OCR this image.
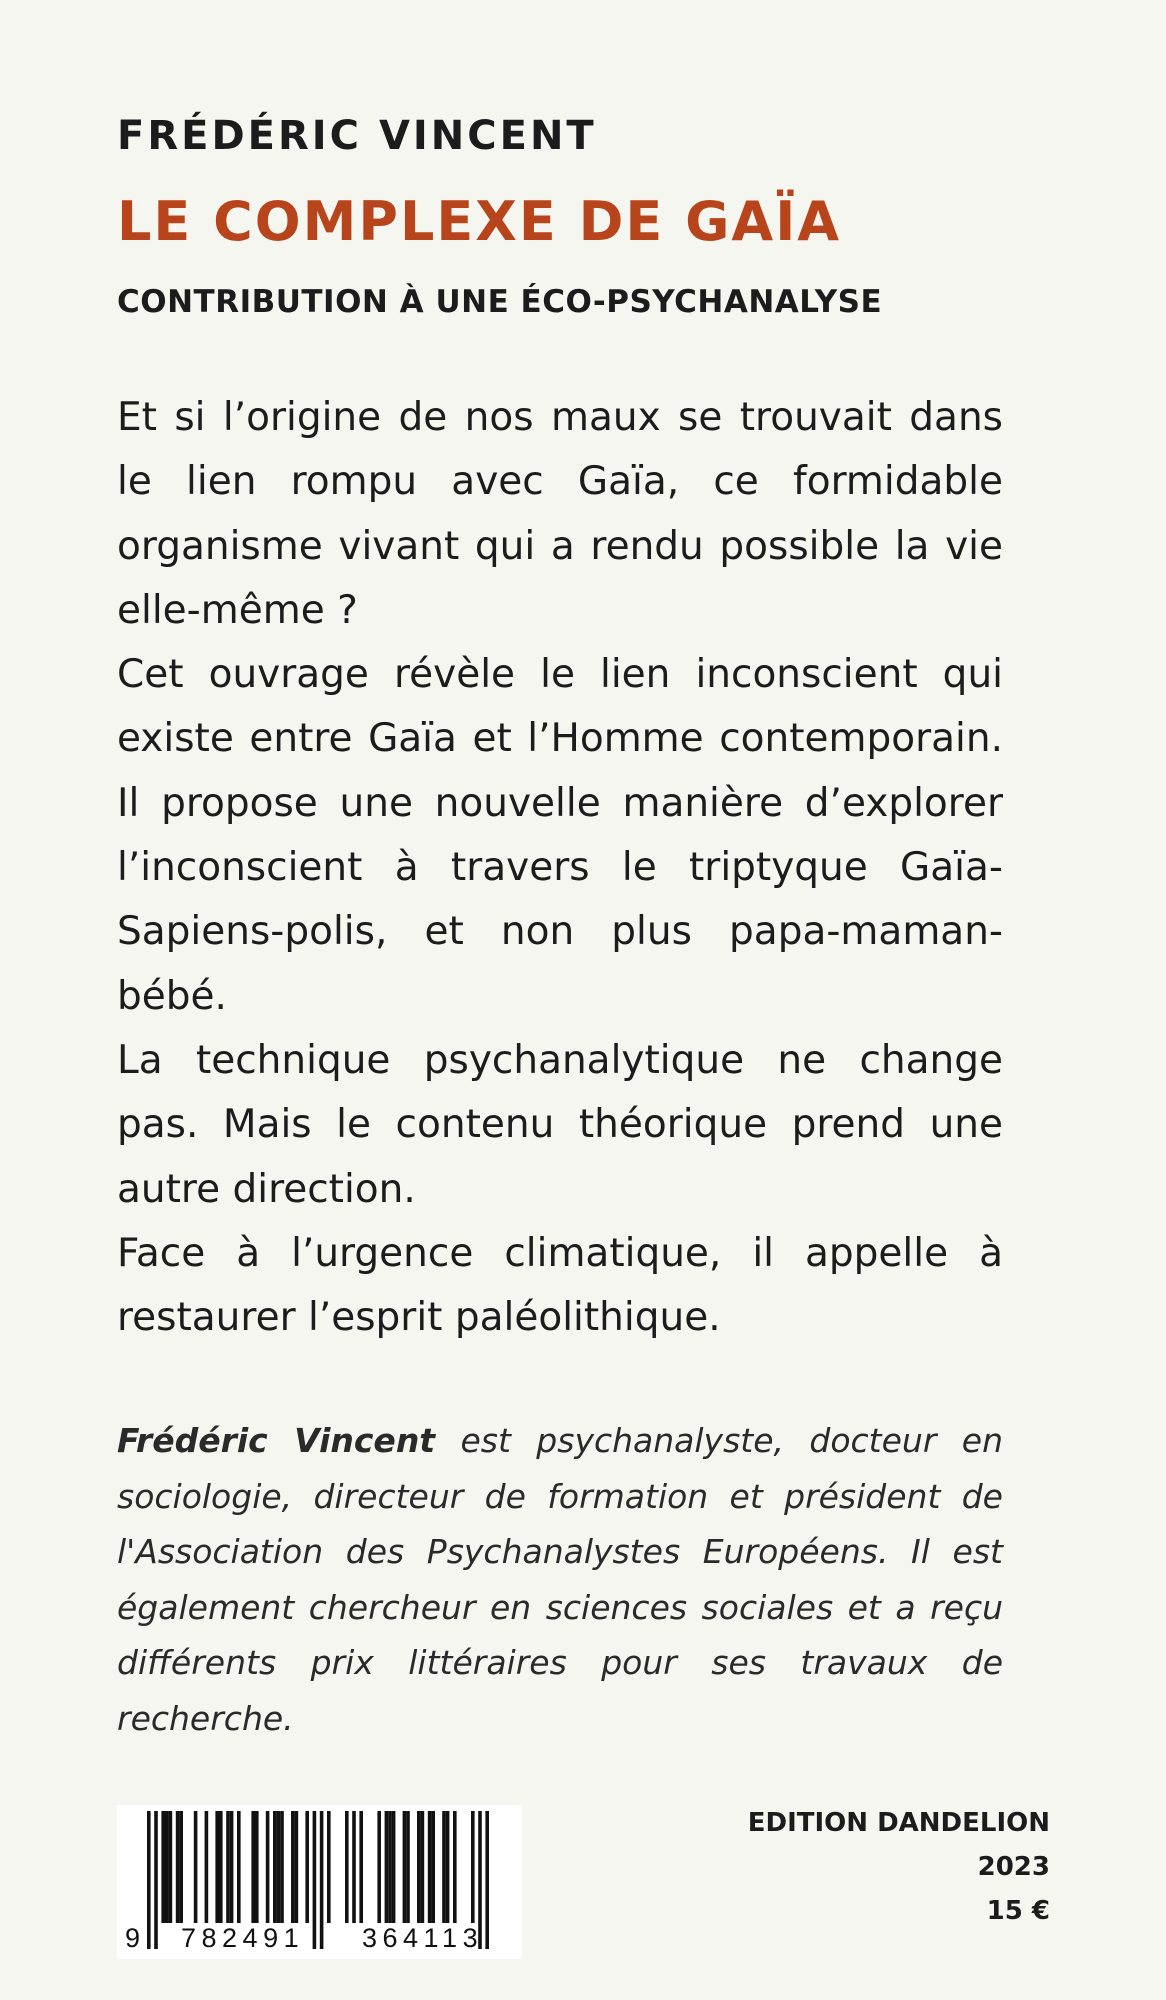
FRÉDÉRIC VINCENT
LE COMPLEXE DE GAÏA
CONTRIBUTION À UNE ÉCO-PSYCHANALYSE

Et si l’origine de nos maux se trouvait dans le lien rompu avec Gaïa, ce formidable organisme vivant qui a rendu possible la vie elle-même ?

Cet ouvrage révèle le lien inconscient qui existe entre Gaïa et l’Homme contemporain. Il propose une nouvelle manière d’explorer l’inconscient à travers le triptyque Gaïa-Sapiens-polis, et non plus papa-maman-bébé.

La technique psychanalytique ne change pas. Mais le contenu théorique prend une autre direction.

Face à l’urgence climatique, il appelle à restaurer l’esprit paléolithique.

Frédéric Vincent est psychanalyste, docteur en sociologie, directeur de formation et président de l'Association des Psychanalystes Européens. Il est également chercheur en sciences sociales et a reçu différents prix littéraires pour ses travaux de recherche.
9 782491 364113
EDITION DANDELION
2023
15 €
